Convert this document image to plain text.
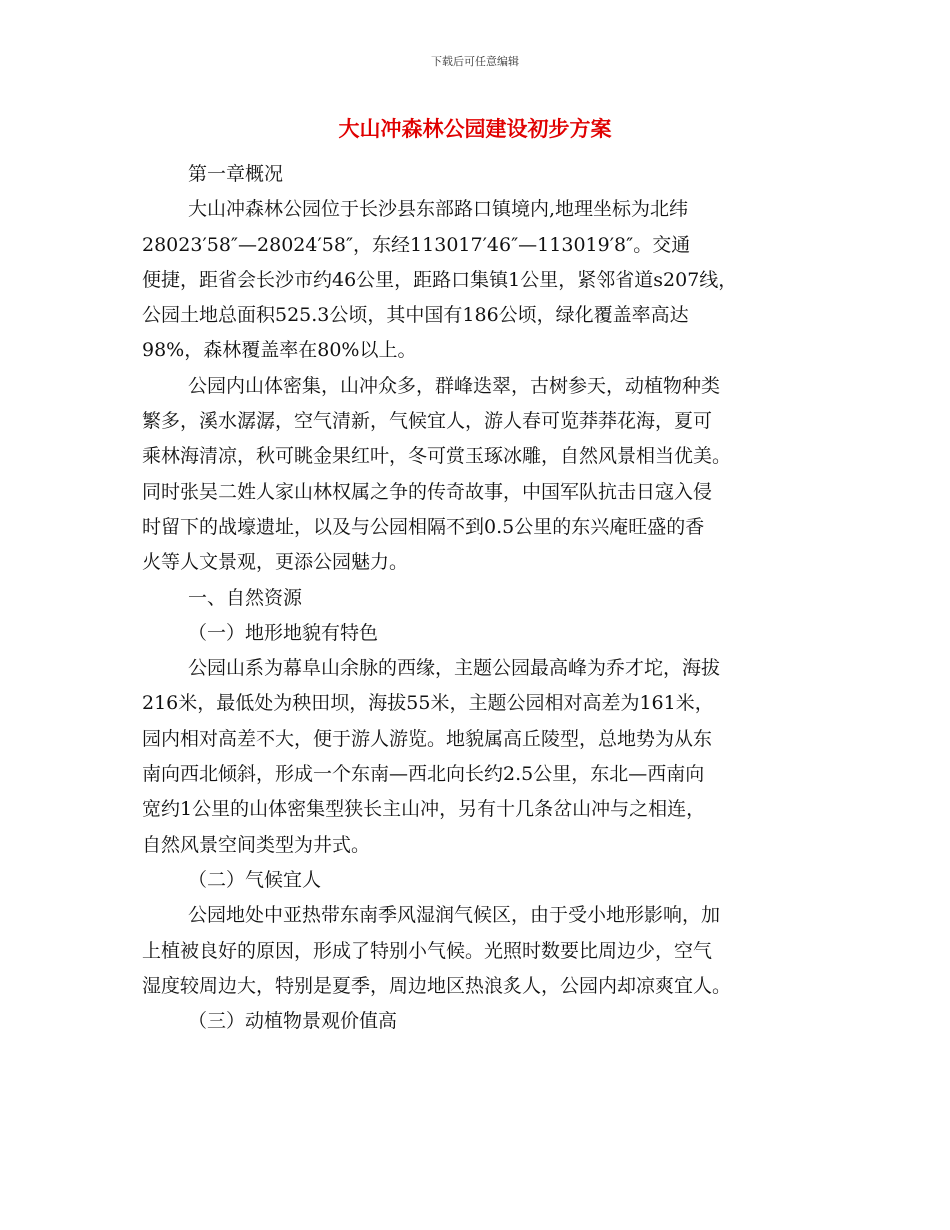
下载后可任意编辑
大山冲森林公园建设初步方案
第一章概况
大山冲森林公园位于长沙县东部路口镇境内,地理坐标为北纬
28023′58″—28024′58″，东经113017′46″—113019′8″。交通
便捷，距省会长沙市约46公里，距路口集镇1公里，紧邻省道s207线，
公园土地总面积525.3公顷，其中国有186公顷，绿化覆盖率高达
98%，森林覆盖率在80%以上。
公园内山体密集，山冲众多，群峰迭翠，古树参天，动植物种类
繁多，溪水潺潺，空气清新，气候宜人，游人春可览莽莽花海，夏可
乘林海清凉，秋可眺金果红叶，冬可赏玉琢冰雕，自然风景相当优美。
同时张吴二姓人家山林权属之争的传奇故事，中国军队抗击日寇入侵
时留下的战壕遗址，以及与公园相隔不到0.5公里的东兴庵旺盛的香
火等人文景观，更添公园魅力。
一、自然资源
（一）地形地貌有特色
公园山系为幕阜山余脉的西缘，主题公园最高峰为乔才坨，海拔
216米，最低处为秧田坝，海拔55米，主题公园相对高差为161米，
园内相对高差不大，便于游人游览。地貌属高丘陵型，总地势为从东
南向西北倾斜，形成一个东南—西北向长约2.5公里，东北—西南向
宽约1公里的山体密集型狭长主山冲，另有十几条岔山冲与之相连，
自然风景空间类型为井式。
（二）气候宜人
公园地处中亚热带东南季风湿润气候区，由于受小地形影响，加
上植被良好的原因，形成了特别小气候。光照时数要比周边少，空气
湿度较周边大，特别是夏季，周边地区热浪炙人，公园内却凉爽宜人。
（三）动植物景观价值高
